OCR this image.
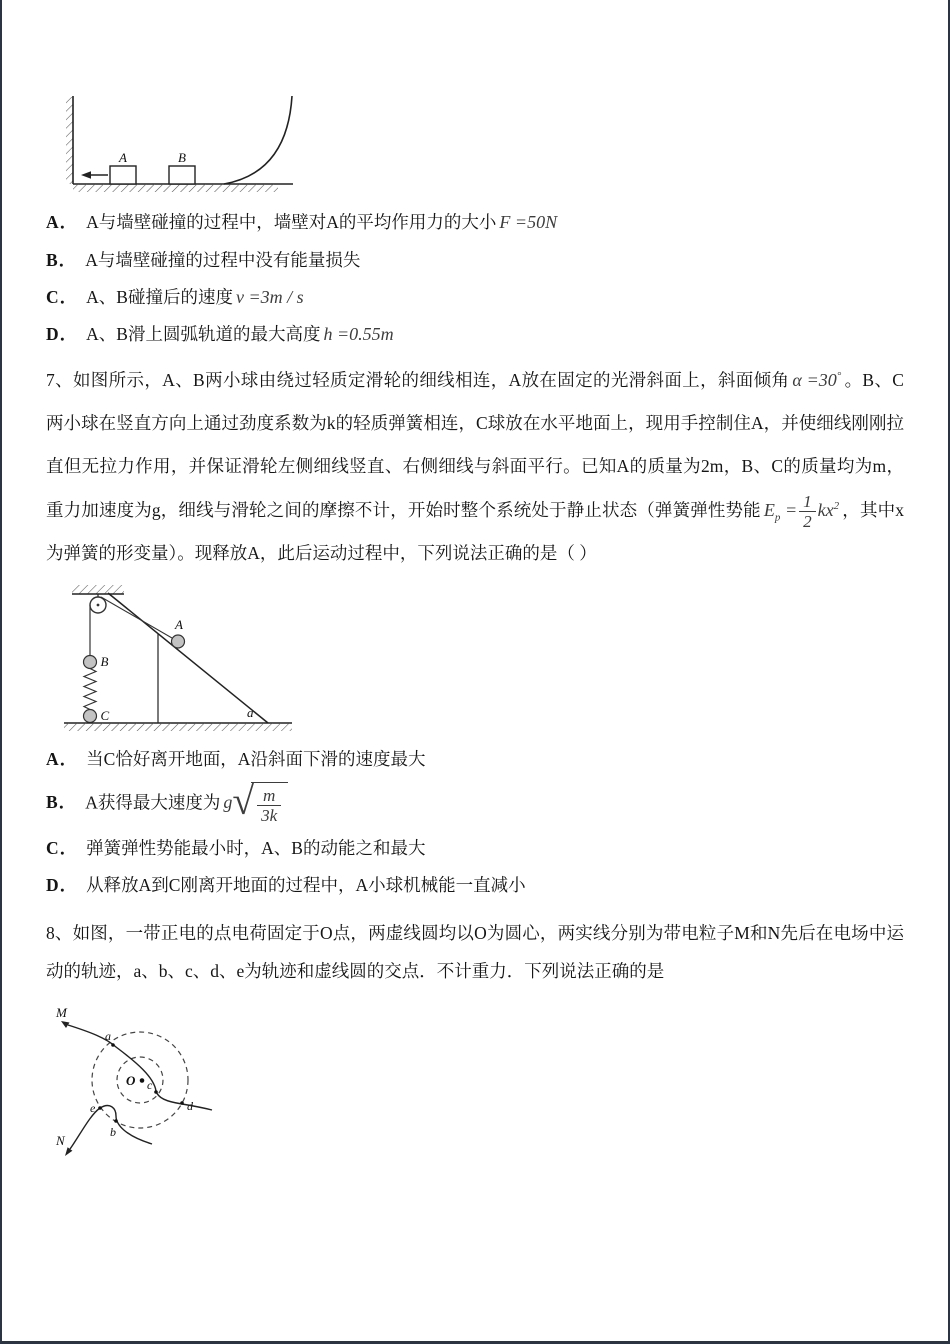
A	B
A． A与墙壁碰撞的过程中，墙壁对A的平均作用力的大小 F =50N
B． A与墙壁碰撞的过程中没有能量损失
C． A、B碰撞后的速度 v =3m / s
D． A、B滑上圆弧轨道的最大高度 h =0.55m

7、如图所示，A、B两小球由绕过轻质定滑轮的细线相连，A放在固定的光滑斜面上，斜面倾角 α =30° 。B、C两小球在竖直方向上通过劲度系数为k的轻质弹簧相连，C球放在水平地面上，现用手控制住A，并使细线刚刚拉直但无拉力作用，并保证滑轮左侧细线竖直、右侧细线与斜面平行。已知A的质量为2m，B、C的质量均为m，重力加速度为g，细线与滑轮之间的摩擦不计，开始时整个系统处于静止状态（弹簧弹性势能 $E_p = \frac{1}{2} kx^2$ ，其中x为弹簧的形变量）。现释放A，此后运动过程中，下列说法正确的是（ ）

B
C
A
a
A． 当C恰好离开地面，A沿斜面下滑的速度最大
B． A获得最大速度为 g √ $\frac{m}{3k}$
C． 弹簧弹性势能最小时，A、B的动能之和最大
D． 从释放A到C刚离开地面的过程中，A小球机械能一直减小

8、如图，一带正电的点电荷固定于O点，两虚线圆均以O为圆心，两实线分别为带电粒子M和N先后在电场中运动的轨迹，a、b、c、d、e为轨迹和虚线圆的交点．不计重力．下列说法正确的是

O
M
N
a
c
d
e
b
